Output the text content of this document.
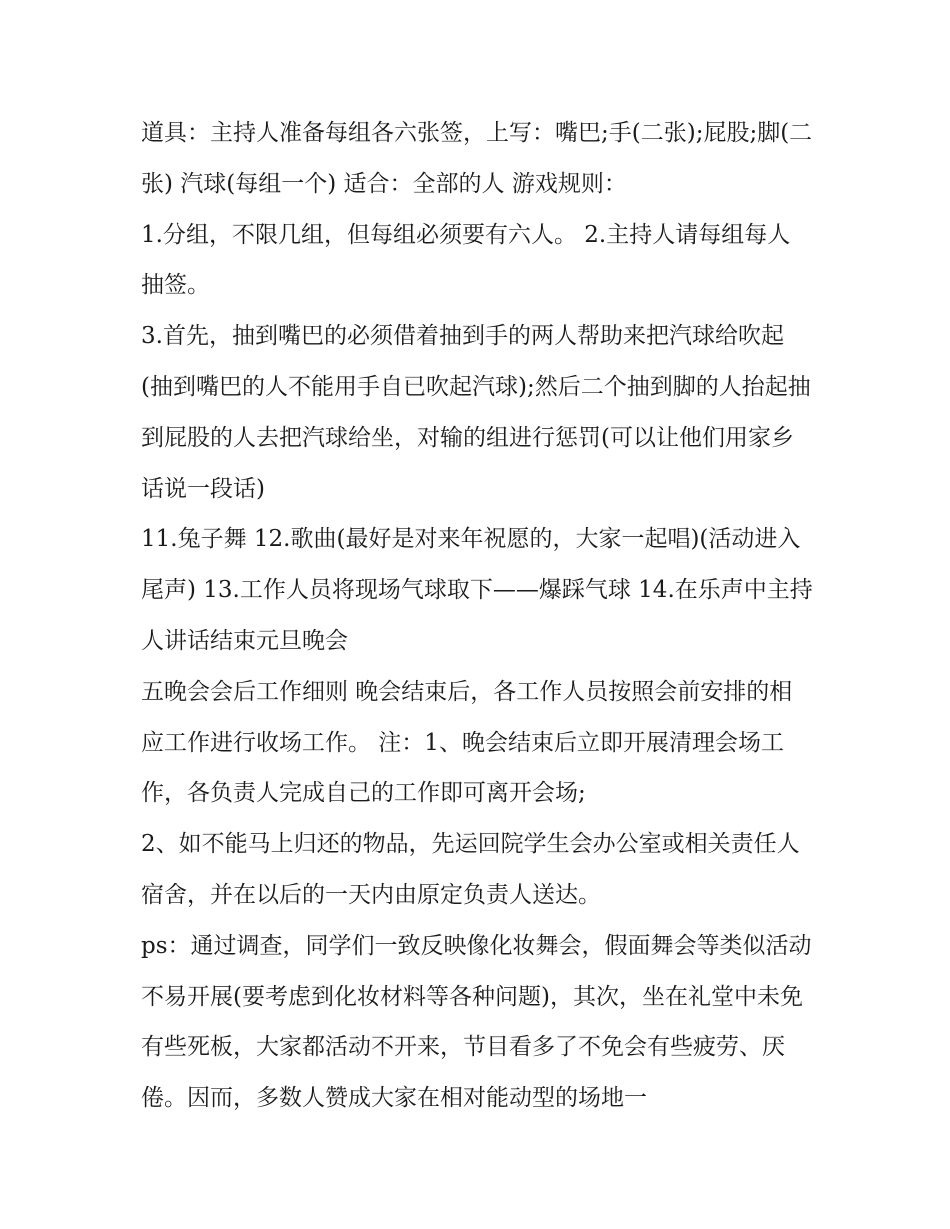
道具：主持人准备每组各六张签，上写：嘴巴;手(二张);屁股;脚(二张) 汽球(每组一个) 适合：全部的人 游戏规则：

1.分组，不限几组，但每组必须要有六人。 2.主持人请每组每人抽签。

3.首先，抽到嘴巴的必须借着抽到手的两人帮助来把汽球给吹起(抽到嘴巴的人不能用手自已吹起汽球);然后二个抽到脚的人抬起抽到屁股的人去把汽球给坐，对输的组进行惩罚(可以让他们用家乡话说一段话)

11.兔子舞 12.歌曲(最好是对来年祝愿的，大家一起唱)(活动进入尾声) 13.工作人员将现场气球取下——爆踩气球 14.在乐声中主持人讲话结束元旦晚会

五晚会会后工作细则 晚会结束后，各工作人员按照会前安排的相应工作进行收场工作。 注：1、晚会结束后立即开展清理会场工作，各负责人完成自己的工作即可离开会场;

2、如不能马上归还的物品，先运回院学生会办公室或相关责任人宿舍，并在以后的一天内由原定负责人送达。

ps：通过调查，同学们一致反映像化妆舞会，假面舞会等类似活动不易开展(要考虑到化妆材料等各种问题)，其次，坐在礼堂中未免有些死板，大家都活动不开来，节目看多了不免会有些疲劳、厌倦。因而，多数人赞成大家在相对能动型的场地一
